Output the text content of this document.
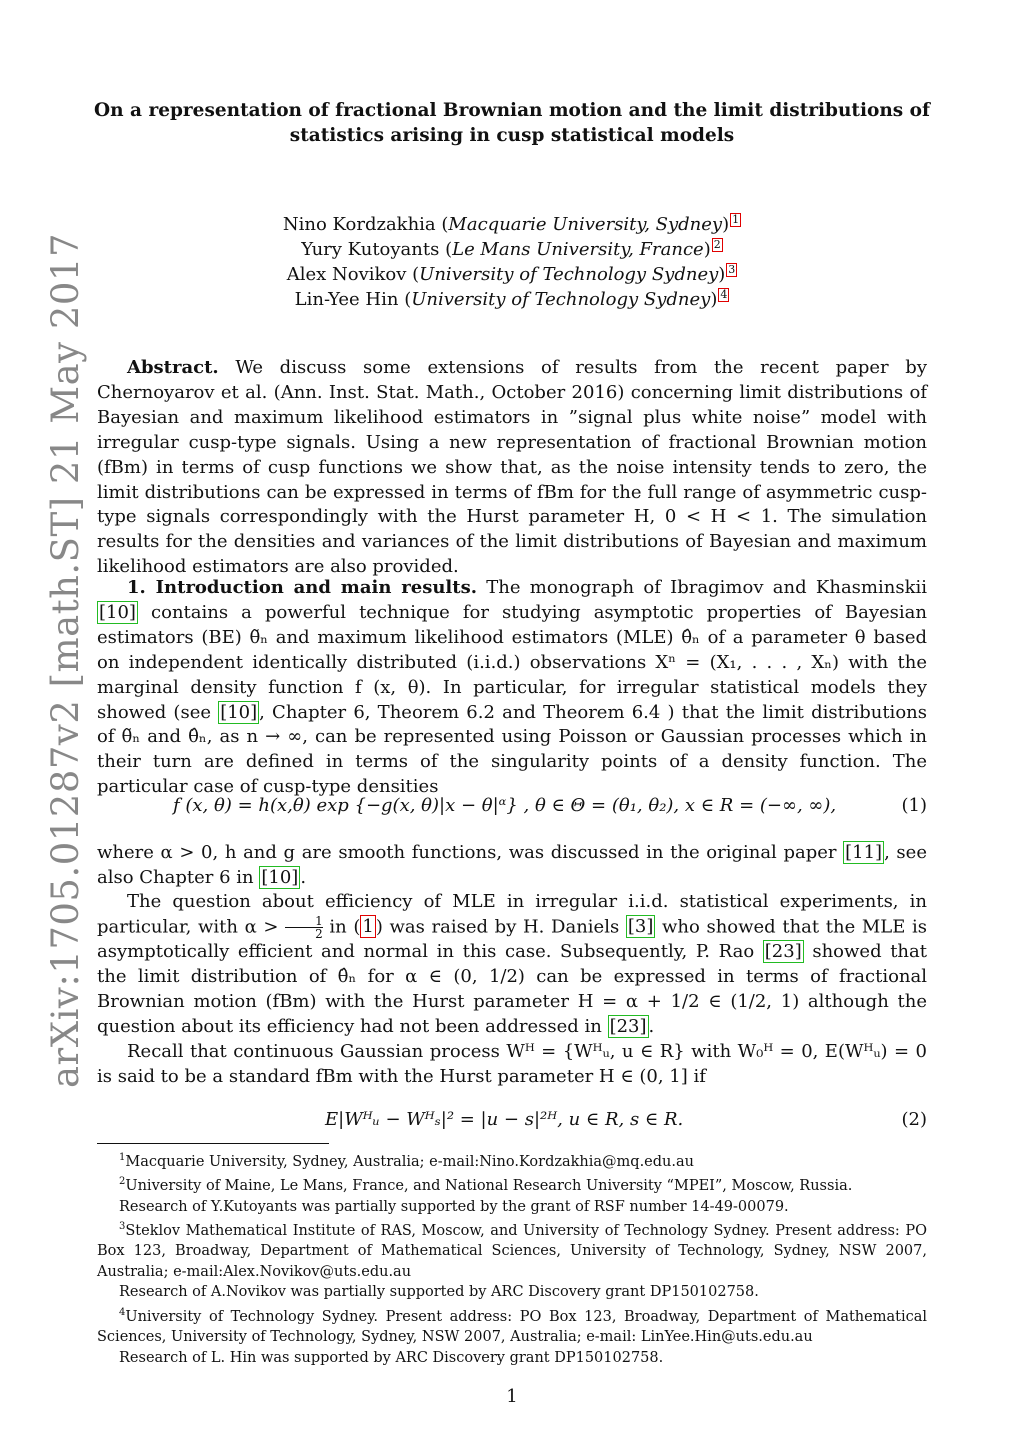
arXiv:1705.01287v2 [math.ST] 21 May 2017
On a representation of fractional Brownian motion and the limit distributions of
statistics arising in cusp statistical models
Nino Kordzakhia (Macquarie University, Sydney) 1
Yury Kutoyants (Le Mans University, France) 2
Alex Novikov (University of Technology Sydney) 3
Lin-Yee Hin (University of Technology Sydney) 4
Abstract. We discuss some extensions of results from the recent paper by Chernoyarov et al. (Ann. Inst. Stat. Math., October 2016) concerning limit distributions of Bayesian and maximum likelihood estimators in ”signal plus white noise” model with irregular cusp-type signals. Using a new representation of fractional Brownian motion (fBm) in terms of cusp functions we show that, as the noise intensity tends to zero, the limit distributions can be expressed in terms of fBm for the full range of asymmetric cusp-type signals correspondingly with the Hurst parameter H, 0 < H < 1. The simulation results for the densities and variances of the limit distributions of Bayesian and maximum likelihood estimators are also provided.
1. Introduction and main results. The monograph of Ibragimov and Khasminskii [10] contains a powerful technique for studying asymptotic properties of Bayesian estimators (BE) θ̃ₙ and maximum likelihood estimators (MLE) θ̂ₙ of a parameter θ based on independent identically distributed (i.i.d.) observations Xⁿ = (X₁, . . . , Xₙ) with the marginal density function f (x, θ). In particular, for irregular statistical models they showed (see [10] , Chapter 6, Theorem 6.2 and Theorem 6.4 ) that the limit distributions of θ̃ₙ and θ̂ₙ, as n → ∞, can be represented using Poisson or Gaussian processes which in their turn are defined in terms of the singularity points of a density function. The particular case of cusp-type densities
f (x, θ) = h(x,θ) exp {−g(x, θ)|x − θ|ᵅ} , θ ∈ Θ = (θ₁, θ₂), x ∈ R = (−∞, ∞),	(1)
where α > 0, h and g are smooth functions, was discussed in the original paper [11] , see also Chapter 6 in [10] .
The question about efficiency of MLE in irregular i.i.d. statistical experiments, in particular, with $\alpha > \frac{1}{2}$ in ( 1 ) was raised by H. Daniels [3] who showed that the MLE is asymptotically efficient and normal in this case. Subsequently, P. Rao [23] showed that the limit distribution of θ̂ₙ for α ∈ (0, 1/2) can be expressed in terms of fractional Brownian motion (fBm) with the Hurst parameter H = α + 1/2 ∈ (1/2, 1) although the question about its efficiency had not been addressed in [23] .
Recall that continuous Gaussian process Wᴴ = {Wᴴᵤ, u ∈ R} with W₀ᴴ = 0, E(Wᴴᵤ) = 0 is said to be a standard fBm with the Hurst parameter H ∈ (0, 1] if
E|Wᴴᵤ − Wᴴₛ|² = |u − s|²ᴴ, u ∈ R, s ∈ R.	(2)

$^1$Macquarie University, Sydney, Australia; e-mail:Nino.Kordzakhia@mq.edu.au

$^2$University of Maine, Le Mans, France, and National Research University “MPEI”, Moscow, Russia.

Research of Y.Kutoyants was partially supported by the grant of RSF number 14-49-00079.

$^3$Steklov Mathematical Institute of RAS, Moscow, and University of Technology Sydney. Present address: PO Box 123, Broadway, Department of Mathematical Sciences, University of Technology, Sydney, NSW 2007, Australia; e-mail:Alex.Novikov@uts.edu.au

Research of A.Novikov was partially supported by ARC Discovery grant DP150102758.

$^4$University of Technology Sydney. Present address: PO Box 123, Broadway, Department of Mathematical Sciences, University of Technology, Sydney, NSW 2007, Australia; e-mail: LinYee.Hin@uts.edu.au

Research of L. Hin was supported by ARC Discovery grant DP150102758.

1
